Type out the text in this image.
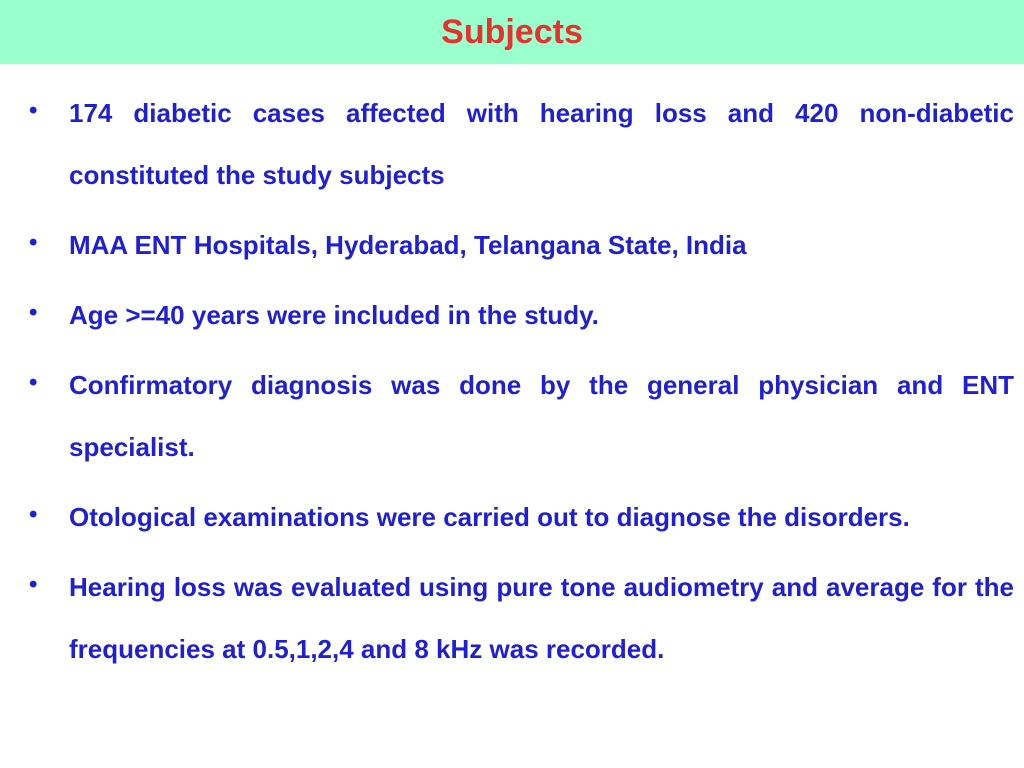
Subjects
• 174 diabetic cases affected with hearing loss and 420 non-diabetic constituted the study subjects
• MAA ENT Hospitals, Hyderabad, Telangana State, India
• Age >=40 years were included in the study.
• Confirmatory diagnosis was done by the general physician and ENT specialist.
• Otological examinations were carried out to diagnose the disorders.
• Hearing loss was evaluated using pure tone audiometry and average for the frequencies at 0.5,1,2,4 and 8 kHz was recorded.
